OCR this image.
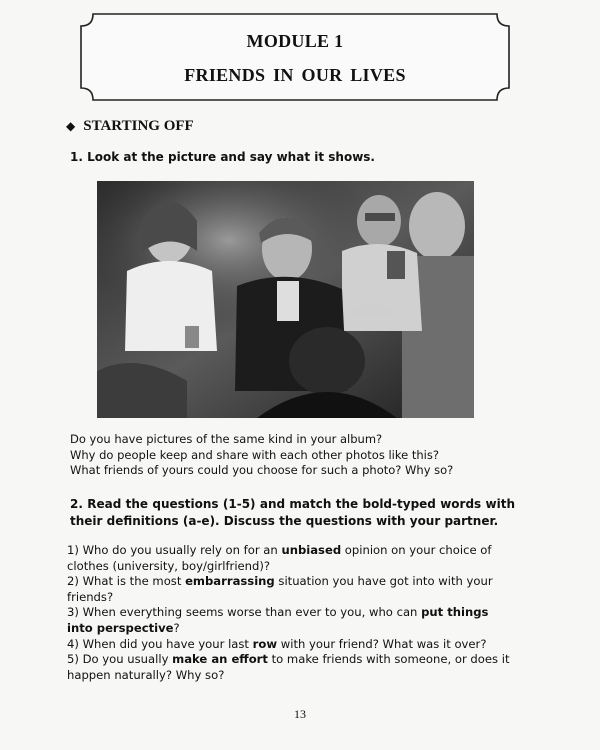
MODULE 1
FRIENDS IN OUR LIVES
◆ STARTING OFF
1. Look at the picture and say what it shows.
Do you have pictures of the same kind in your album?
Why do people keep and share with each other photos like this?
What friends of yours could you choose for such a photo? Why so?
2. Read the questions (1-5) and match the bold-typed words with their definitions (a-e). Discuss the questions with your partner.
1) Who do you usually rely on for an unbiased opinion on your choice of clothes (university, boy/girlfriend)?
2) What is the most embarrassing situation you have got into with your friends?
3) When everything seems worse than ever to you, who can put things into perspective?
4) When did you have your last row with your friend? What was it over?
5) Do you usually make an effort to make friends with someone, or does it happen naturally? Why so?
13
